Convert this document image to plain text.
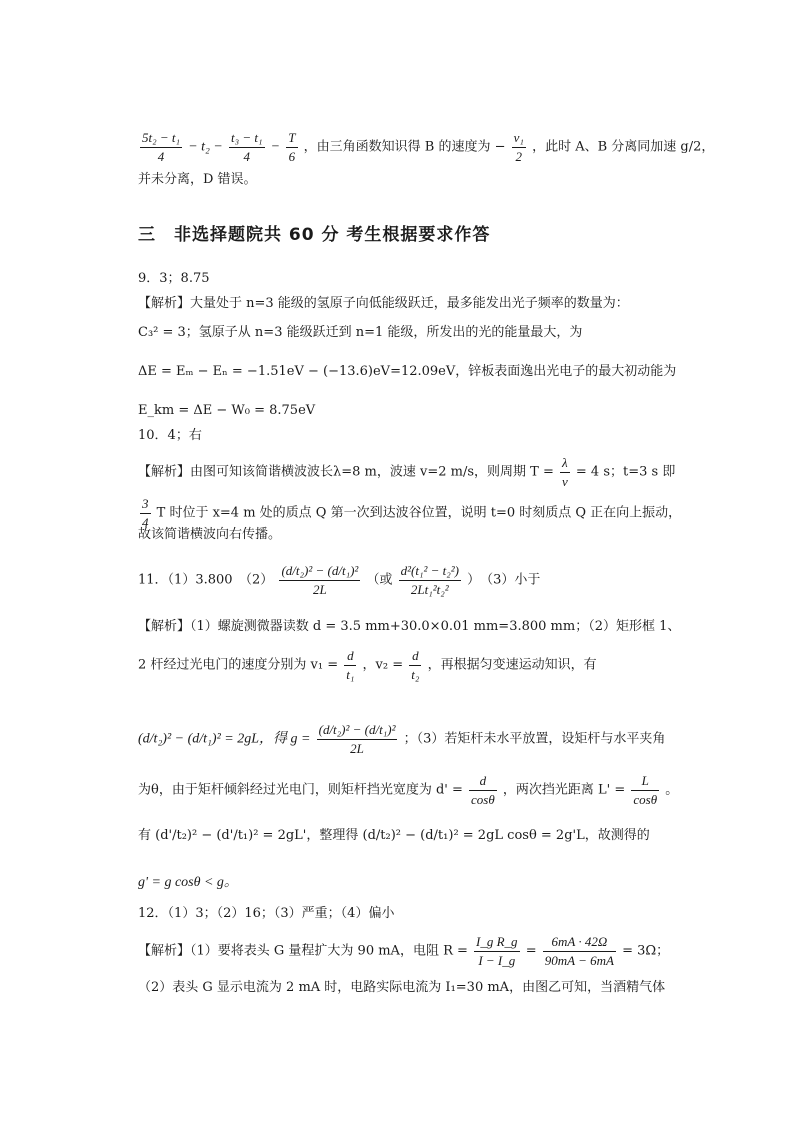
$\frac{\text{5t₂ − t₁}}{4} - t_2 - \frac{\text{t₃ − t₁}}{4} - \frac{T}{6}$ ，由三角函数知识得 B 的速度为 − $\frac{\text{v₁}}{2}$ ，此时 A、B 分离同加速 g/2，
并未分离，D 错误。
三　非选择题院共 60 分 考生根据要求作答
9．3；8.75
【解析】大量处于 n=3 能级的氢原子向低能级跃迁，最多能发出光子频率的数量为：
C₃² = 3；氢原子从 n=3 能级跃迁到 n=1 能级，所发出的光的能量最大，为
ΔE = Eₘ − Eₙ = −1.51eV − (−13.6)eV=12.09eV，锌板表面逸出光电子的最大初动能为
E_km = ΔE − W₀ = 8.75eV
10．4；右
【解析】由图可知该简谐横波波长λ=8 m，波速 v=2 m/s，则周期 $T = \frac{\lambda}{v} = 4$ s；t=3 s 即
$\frac{3}{4}$ T 时位于 x=4 m 处的质点 Q 第一次到达波谷位置，说明 t=0 时刻质点 Q 正在向上振动，
故该简谐横波向右传播。
11．（1）3.800　$(2) \frac{\text{(d/t₂)² − (d/t₁)²}}{2L}$ （或 $\frac{\text{d²(t₁² − t₂²)}}{\text{2Lt₁²t₂²}}$ ）　（3）小于
【解析】（1）螺旋测微器读数 d = 3.5 mm+30.0×0.01 mm=3.800 mm；（2）矩形框 1、
2 杆经过光电门的速度分别为 $v_1 = \frac{d}{\text{t₁}}$ ，$v_2 = \frac{d}{\text{t₂}}$ ，再根据匀变速运动知识，有
(d/t₂)² − (d/t₁)² = 2gL，得 $g = \frac{\text{(d/t₂)² − (d/t₁)²}}{2L}$ ；（3）若矩杆未水平放置，设矩杆与水平夹角
为θ，由于矩杆倾斜经过光电门，则矩杆挡光宽度为 $d' = \frac{d}{\cos\theta}$ ，两次挡光距离 $L' = \frac{L}{\cos\theta}$ 。
有 (d'/t₂)² − (d'/t₁)² = 2gL'，整理得 (d/t₂)² − (d/t₁)² = 2gL cosθ = 2g'L，故测得的
g' = g cosθ < g。
12．（1）3；（2）16；（3）严重；（4）偏小
【解析】（1）要将表头 G 量程扩大为 90 mA，电阻 $R = \frac{\text{I\_g R\_g}}{I - I\_g} = \frac{6mA \cdot 42\Omega}{90mA - 6mA} = 3\Omega$；
（2）表头 G 显示电流为 2 mA 时，电路实际电流为 I₁=30 mA，由图乙可知，当酒精气体
